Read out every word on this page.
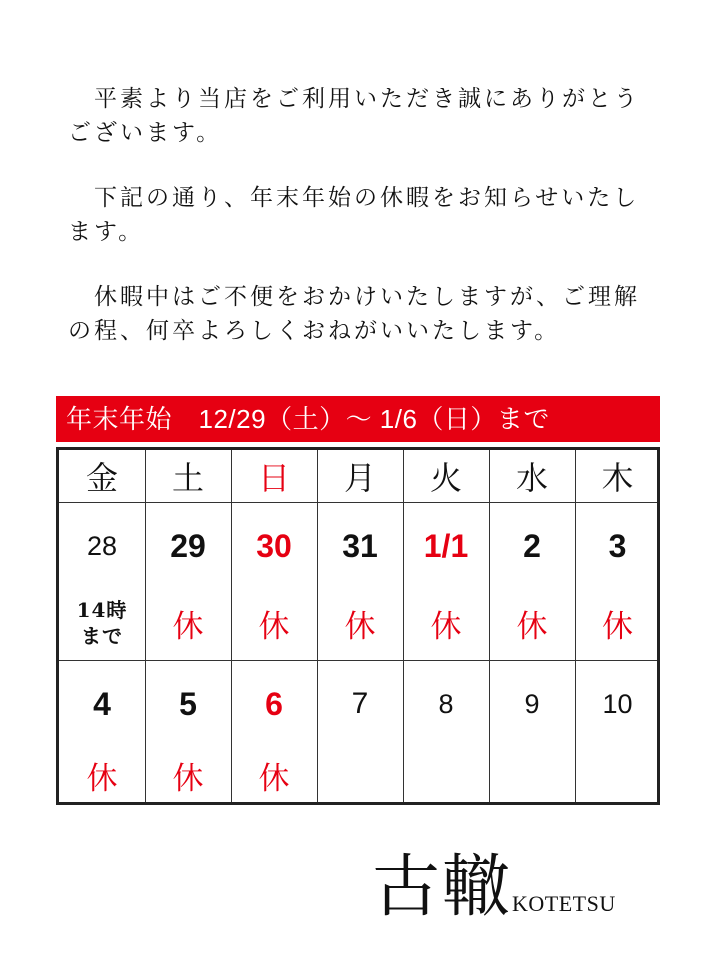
　平素より当店をご利用いただき誠にありがとうございます。

　下記の通り、年末年始の休暇をお知らせいたします。

　休暇中はご不便をおかけいたしますが、ご理解の程、何卒よろしくおねがいいたします。

年末年始　12/29（土）～ 1/6（日）まで
金	土	日	月	火	水	木
28	29	30	31	1/1	2	3
14時
まで	休	休	休	休	休	休
4	5	6	7	8	9	10
休	休	休
古轍 KOTETSU
